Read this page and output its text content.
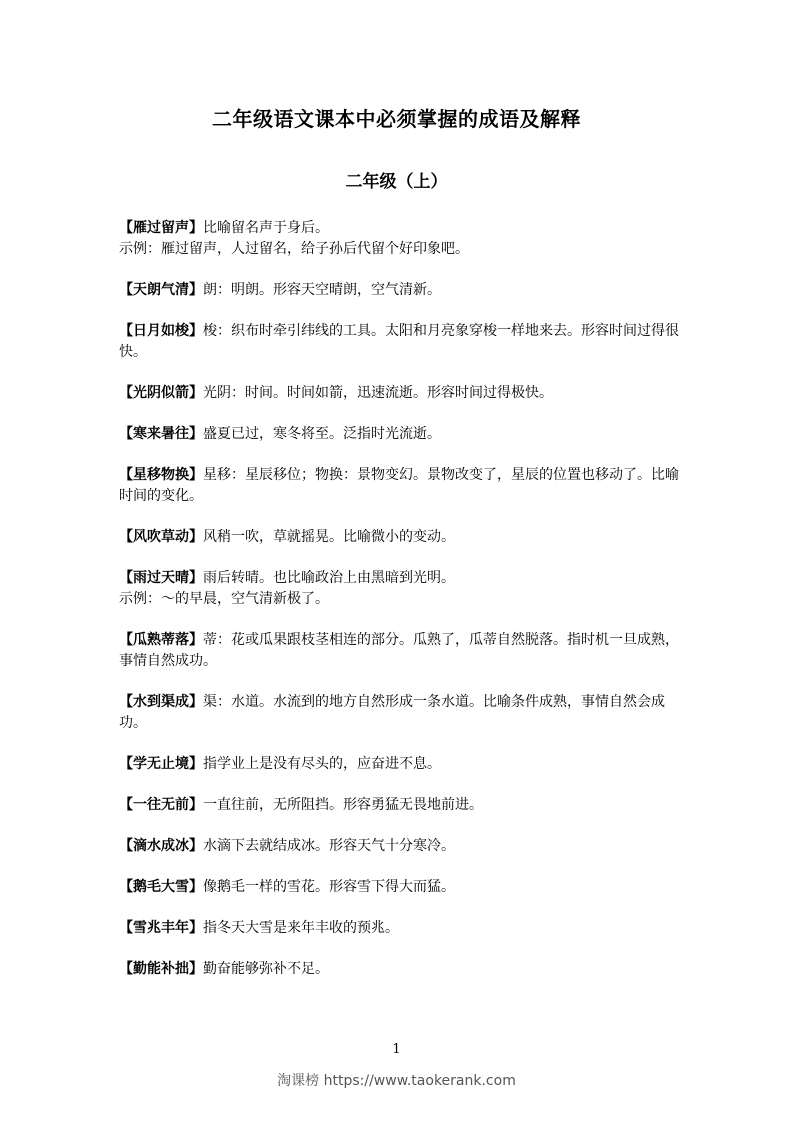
二年级语文课本中必须掌握的成语及解释
二年级（上）

【雁过留声】比喻留名声于身后。

示例：雁过留声，人过留名，给子孙后代留个好印象吧。

【天朗气清】朗：明朗。形容天空晴朗，空气清新。

【日月如梭】梭：织布时牵引纬线的工具。太阳和月亮象穿梭一样地来去。形容时间过得很快。

【光阴似箭】光阴：时间。时间如箭，迅速流逝。形容时间过得极快。

【寒来暑往】盛夏已过，寒冬将至。泛指时光流逝。

【星移物换】星移：星辰移位；物换：景物变幻。景物改变了，星辰的位置也移动了。比喻时间的变化。

【风吹草动】风稍一吹，草就摇晃。比喻微小的变动。

【雨过天晴】雨后转晴。也比喻政治上由黑暗到光明。

示例：～的早晨，空气清新极了。

【瓜熟蒂落】蒂：花或瓜果跟枝茎相连的部分。瓜熟了，瓜蒂自然脱落。指时机一旦成熟，事情自然成功。

【水到渠成】渠：水道。水流到的地方自然形成一条水道。比喻条件成熟，事情自然会成功。

【学无止境】指学业上是没有尽头的，应奋进不息。

【一往无前】一直往前，无所阻挡。形容勇猛无畏地前进。

【滴水成冰】水滴下去就结成冰。形容天气十分寒冷。

【鹅毛大雪】像鹅毛一样的雪花。形容雪下得大而猛。

【雪兆丰年】指冬天大雪是来年丰收的预兆。

【勤能补拙】勤奋能够弥补不足。

1
淘课榜 https://www.taokerank.com
